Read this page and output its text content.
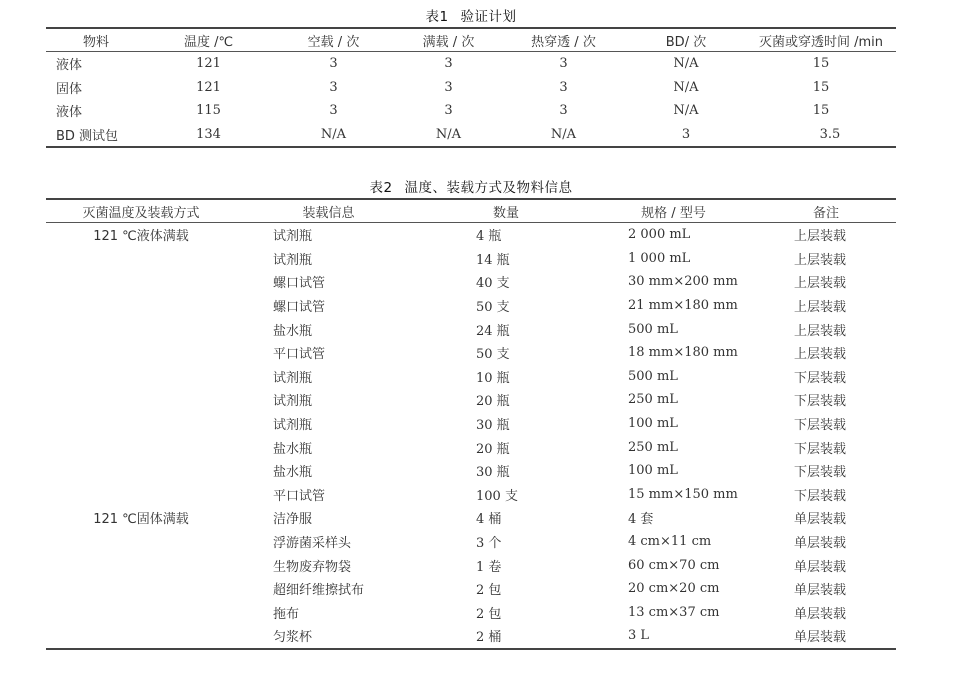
表1 验证计划
物料	温度 /℃	空载 / 次	满载 / 次	热穿透 / 次	BD/ 次	灭菌或穿透时间 /min
液体	121	3	3	3	N/A	15
固体	121	3	3	3	N/A	15
液体	115	3	3	3	N/A	15
BD 测试包	134	N/A	N/A	N/A	3	3.5
表2 温度、装载方式及物料信息
灭菌温度及装载方式	装载信息	数量	规格 / 型号	备注
121 ℃液体满载	试剂瓶	4 瓶	2 000 mL	上层装载
	试剂瓶	14 瓶	1 000 mL	上层装载
	螺口试管	40 支	30 mm×200 mm	上层装载
	螺口试管	50 支	21 mm×180 mm	上层装载
	盐水瓶	24 瓶	500 mL	上层装载
	平口试管	50 支	18 mm×180 mm	上层装载
	试剂瓶	10 瓶	500 mL	下层装载
	试剂瓶	20 瓶	250 mL	下层装载
	试剂瓶	30 瓶	100 mL	下层装载
	盐水瓶	20 瓶	250 mL	下层装载
	盐水瓶	30 瓶	100 mL	下层装载
	平口试管	100 支	15 mm×150 mm	下层装载
121 ℃固体满载	洁净服	4 桶	4 套	单层装载
	浮游菌采样头	3 个	4 cm×11 cm	单层装载
	生物废弃物袋	1 卷	60 cm×70 cm	单层装载
	超细纤维擦拭布	2 包	20 cm×20 cm	单层装载
	拖布	2 包	13 cm×37 cm	单层装载
	匀浆杯	2 桶	3 L	单层装载
